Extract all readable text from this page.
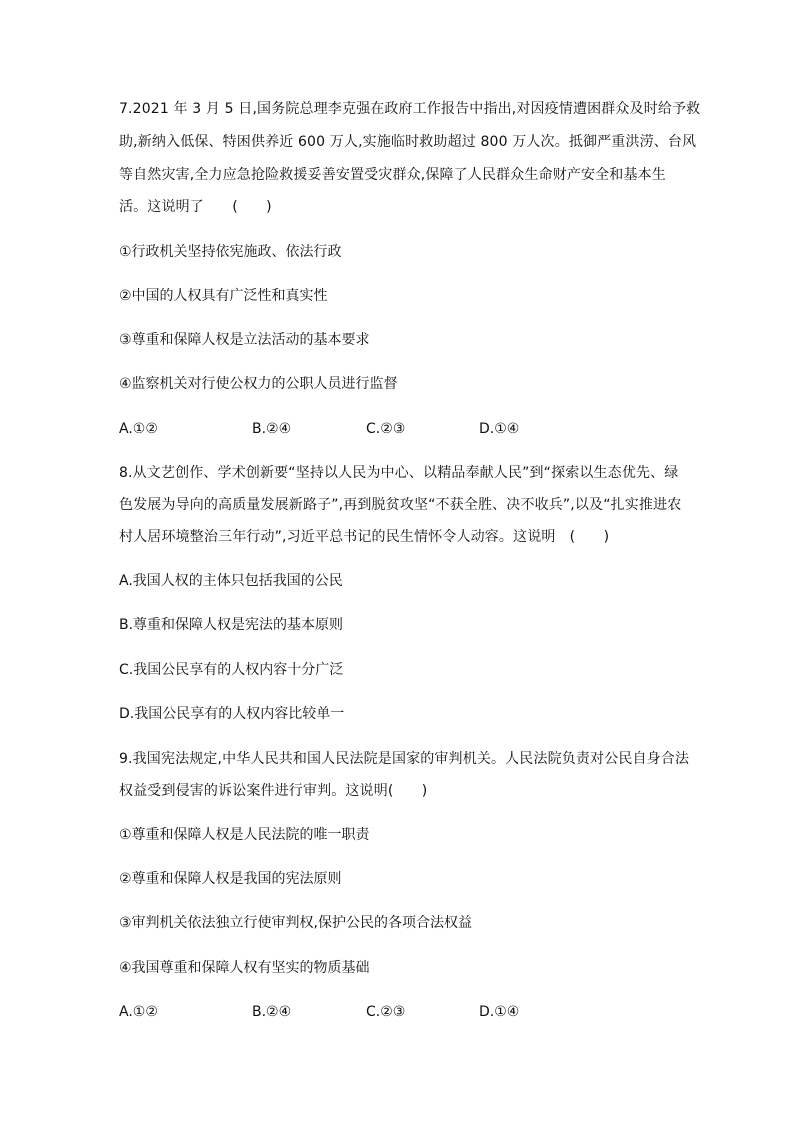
7.2021 年 3 月 5 日,国务院总理李克强在政府工作报告中指出,对因疫情遭困群众及时给予救
助,新纳入低保、特困供养近 600 万人,实施临时救助超过 800 万人次。抵御严重洪涝、台风
等自然灾害,全力应急抢险救援妥善安置受灾群众,保障了人民群众生命财产安全和基本生
活。这说明了　　(　　)
①行政机关坚持依宪施政、依法行政
②中国的人权具有广泛性和真实性
③尊重和保障人权是立法活动的基本要求
④监察机关对行使公权力的公职人员进行监督
A.①②	B.②④	C.②③	D.①④
8.从文艺创作、学术创新要“坚持以人民为中心、以精品奉献人民”到“探索以生态优先、绿
色发展为导向的高质量发展新路子”,再到脱贫攻坚“不获全胜、决不收兵”,以及“扎实推进农
村人居环境整治三年行动”,习近平总书记的民生情怀令人动容。这说明　(　　)
A.我国人权的主体只包括我国的公民
B.尊重和保障人权是宪法的基本原则
C.我国公民享有的人权内容十分广泛
D.我国公民享有的人权内容比较单一
9.我国宪法规定,中华人民共和国人民法院是国家的审判机关。人民法院负责对公民自身合法
权益受到侵害的诉讼案件进行审判。这说明(　　)
①尊重和保障人权是人民法院的唯一职责
②尊重和保障人权是我国的宪法原则
③审判机关依法独立行使审判权,保护公民的各项合法权益
④我国尊重和保障人权有坚实的物质基础
A.①②	B.②④	C.②③	D.①④
